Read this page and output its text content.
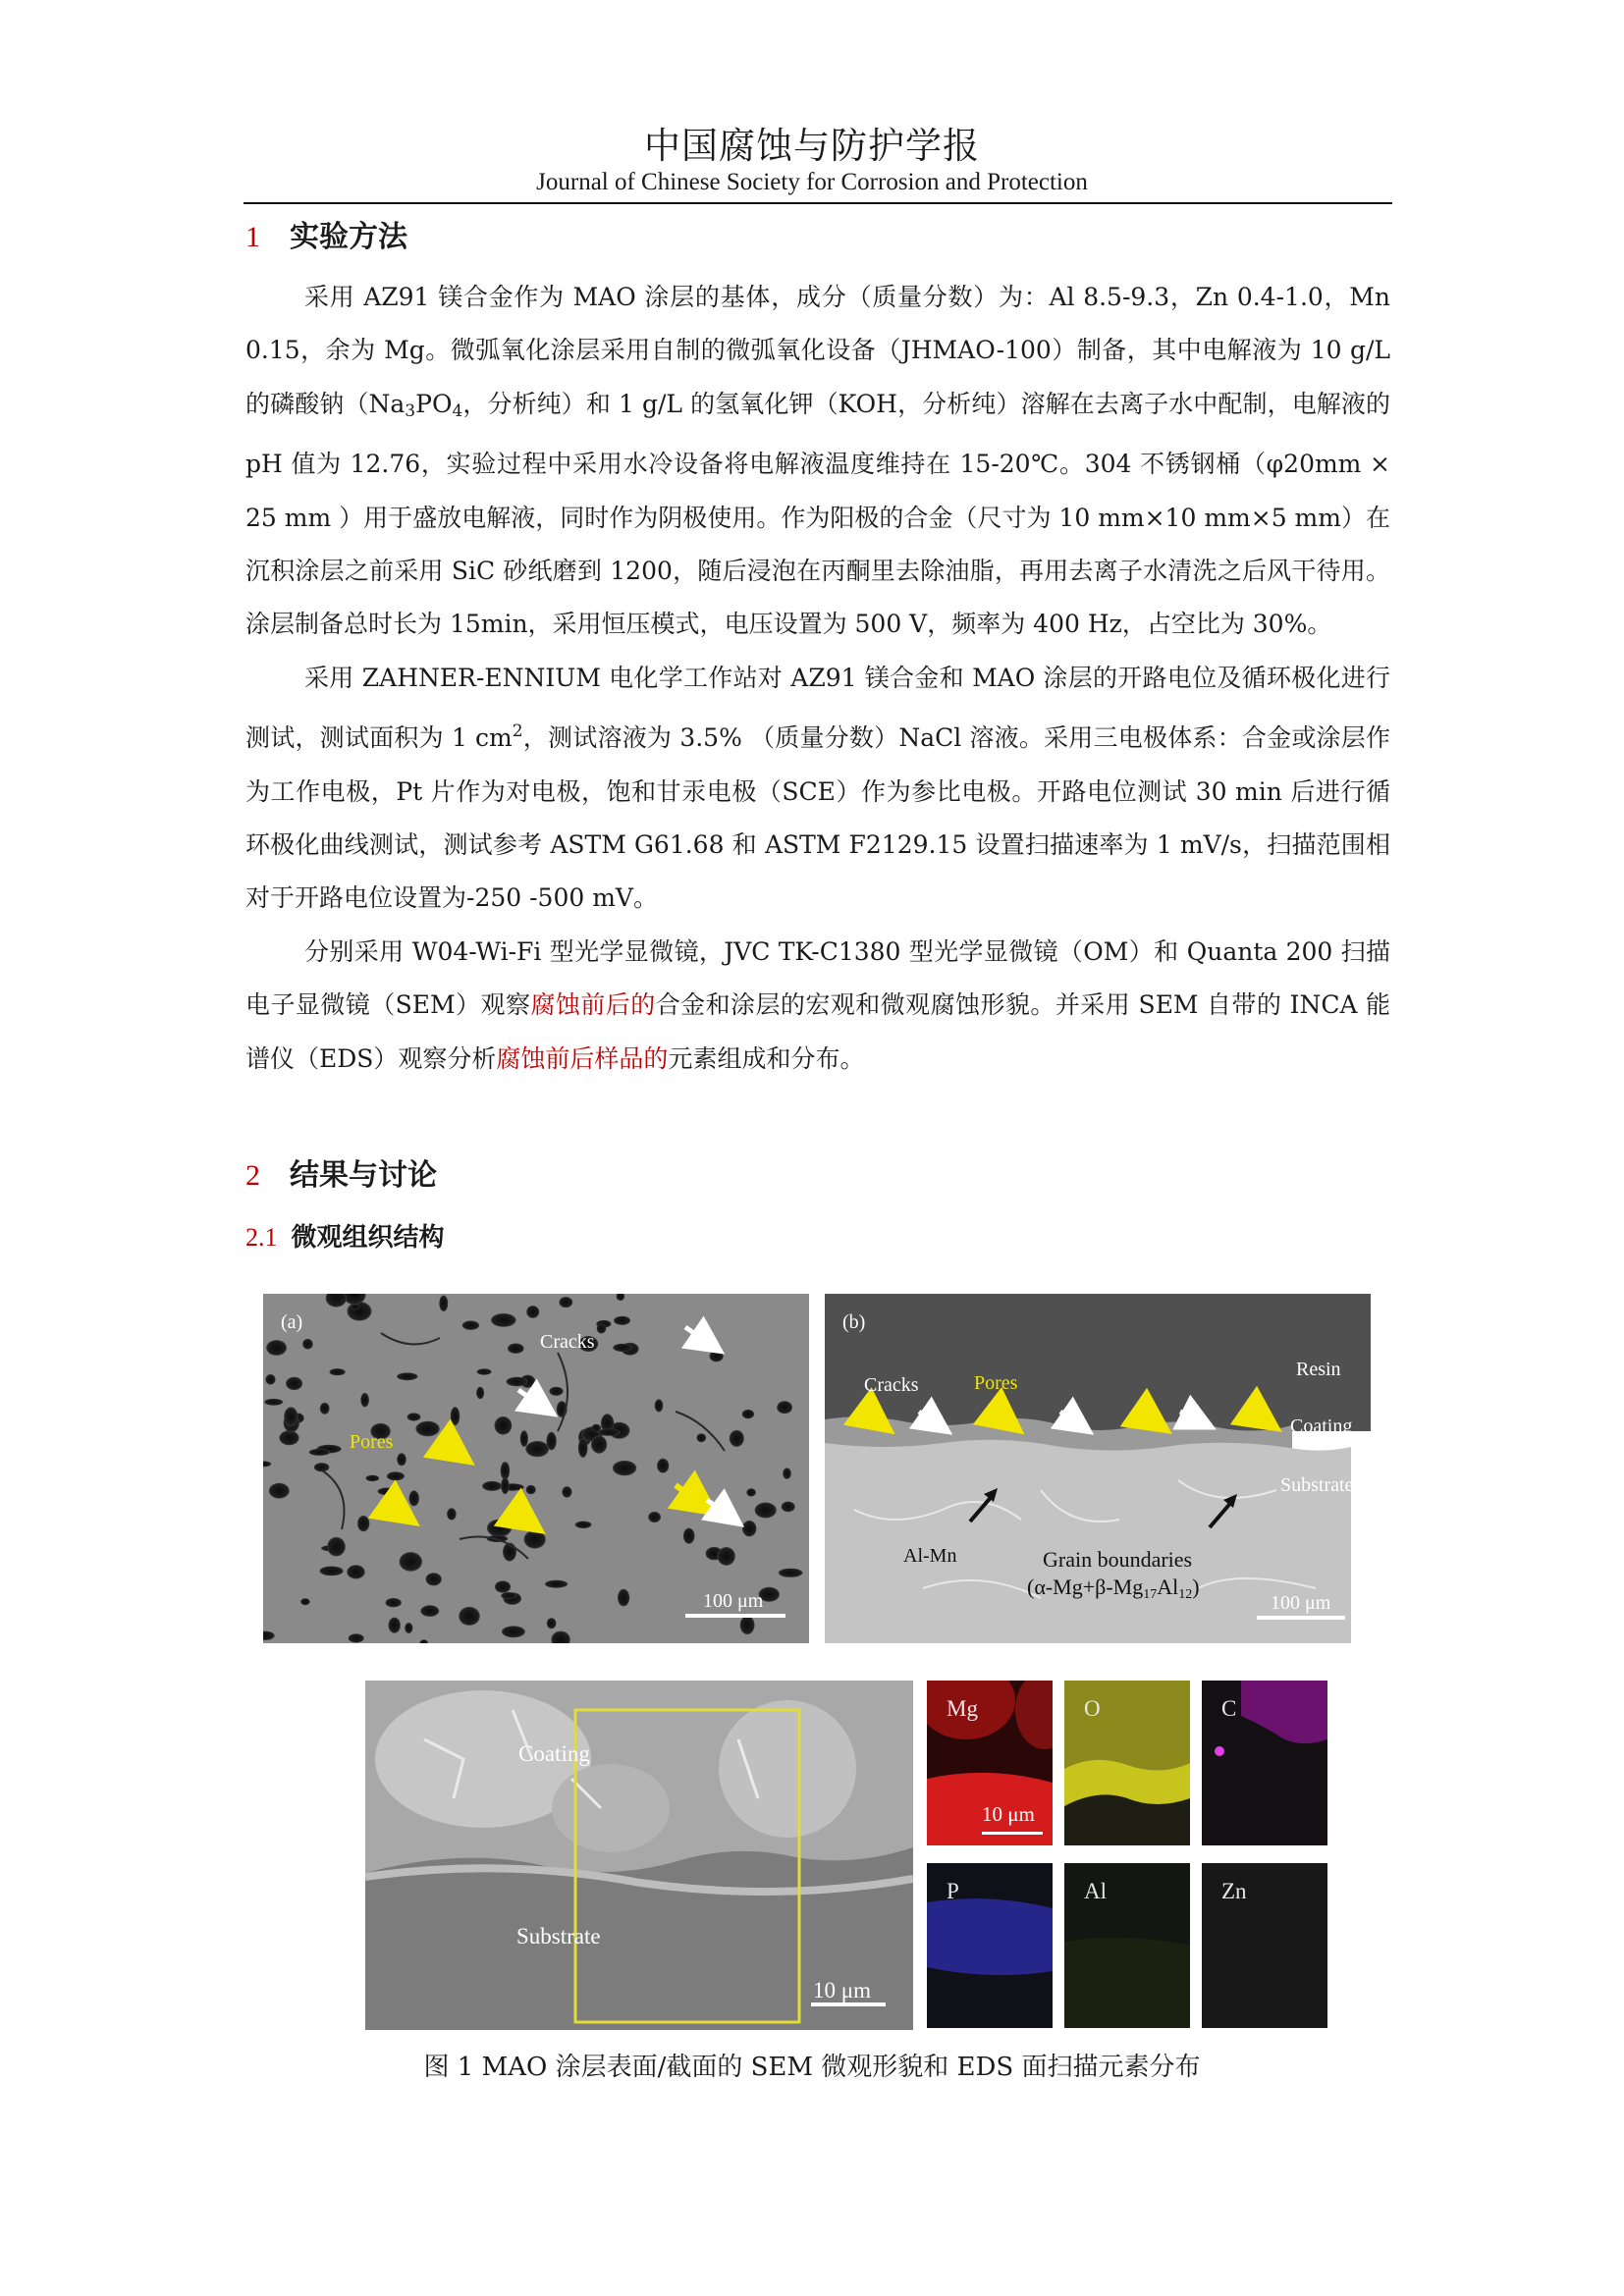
中国腐蚀与防护学报
Journal of Chinese Society for Corrosion and Protection
1 实验方法

采用 AZ91 镁合金作为 MAO 涂层的基体，成分（质量分数）为：Al 8.5-9.3，Zn 0.4-1.0，Mn 0.15，余为 Mg。微弧氧化涂层采用自制的微弧氧化设备（JHMAO-100）制备，其中电解液为 10 g/L 的磷酸钠（$Na_3PO_4$，分析纯）和 1 g/L 的氢氧化钾（KOH，分析纯）溶解在去离子水中配制，电解液的 pH 值为 12.76，实验过程中采用水冷设备将电解液温度维持在 15-20℃。304 不锈钢桶（φ20mm × 25 mm ）用于盛放电解液，同时作为阴极使用。作为阳极的合金（尺寸为 10 mm×10 mm×5 mm）在沉积涂层之前采用 SiC 砂纸磨到 1200，随后浸泡在丙酮里去除油脂，再用去离子水清洗之后风干待用。涂层制备总时长为 15min，采用恒压模式，电压设置为 500 V，频率为 400 Hz，占空比为 30%。

采用 ZAHNER-ENNIUM 电化学工作站对 AZ91 镁合金和 MAO 涂层的开路电位及循环极化进行测试，测试面积为 1 $cm^2$，测试溶液为 3.5% （质量分数）NaCl 溶液。采用三电极体系：合金或涂层作为工作电极，Pt 片作为对电极，饱和甘汞电极（SCE）作为参比电极。开路电位测试 30 min 后进行循环极化曲线测试，测试参考 ASTM G61.68 和 ASTM F2129.15 设置扫描速率为 1 mV/s，扫描范围相对于开路电位设置为-250 -500 mV。

分别采用 W04-Wi-Fi 型光学显微镜，JVC TK-C1380 型光学显微镜（OM）和 Quanta 200 扫描电子显微镜（SEM）观察腐蚀前后的合金和涂层的宏观和微观腐蚀形貌。并采用 SEM 自带的 INCA 能谱仪（EDS）观察分析腐蚀前后样品的元素组成和分布。

2 结果与讨论
2.1 微观组织结构
(a)
Cracks
Pores
100 μm
(b)
Cracks	Pores
Resin
Coating
Substrate
Al-Mn	Grain boundaries
(α-Mg+β-Mg17Al12)
100 μm
Coating
Substrate
10 μm
Mg
10 μm
O	C
P	Al	Zn
图 1 MAO 涂层表面/截面的 SEM 微观形貌和 EDS 面扫描元素分布
